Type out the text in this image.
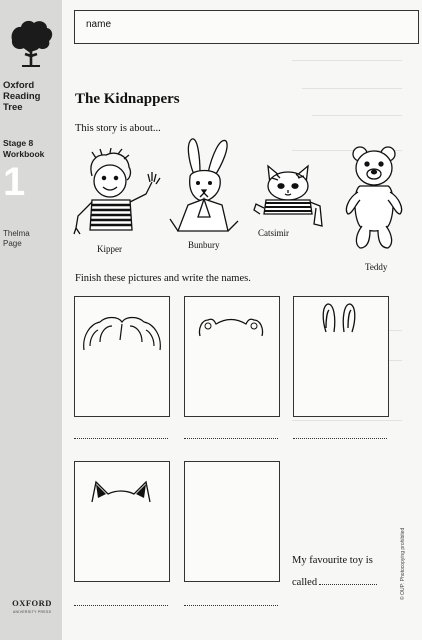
Oxford
Reading
Tree
Stage 8
Workbook
1
Thelma
Page
OXFORD
UNIVERSITY PRESS
name
The Kidnappers
This story is about...
Kipper	Bunbury
Catsimir
Teddy
Finish these pictures and write the names.
My favourite toy is
called	© OUP: Photocopying prohibited
